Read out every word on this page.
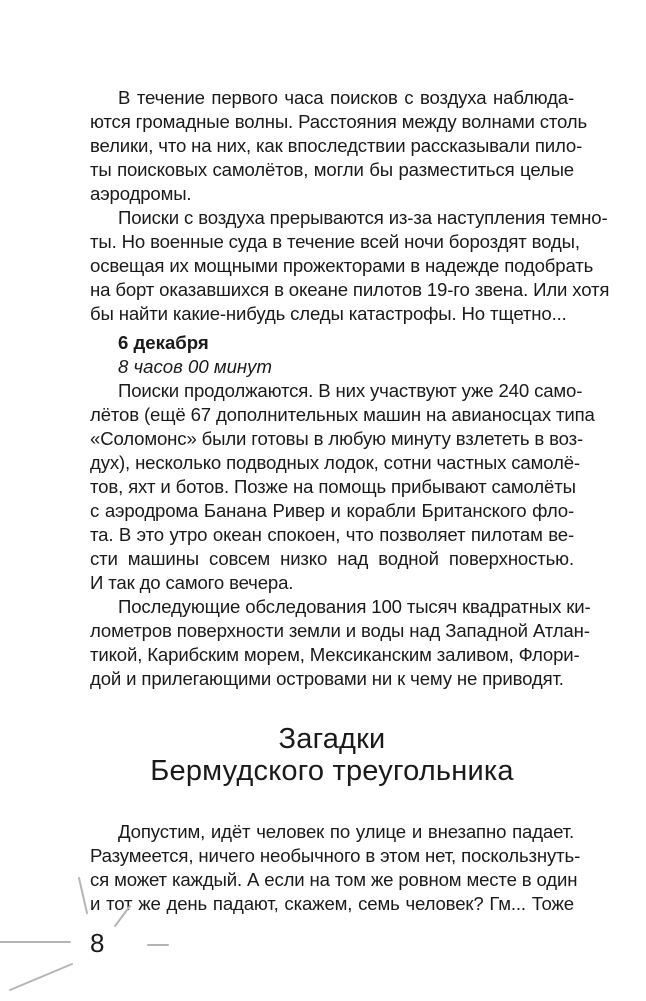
В течение первого часа поисков с воздуха наблюда-
ются громадные волны. Расстояния между волнами столь
велики, что на них, как впоследствии рассказывали пило-
ты поисковых самолётов, могли бы разместиться целые
аэродромы.
Поиски с воздуха прерываются из-за наступления темно-
ты. Но военные суда в течение всей ночи бороздят воды,
освещая их мощными прожекторами в надежде подобрать
на борт оказавшихся в океане пилотов 19-го звена. Или хотя
бы найти какие-нибудь следы катастрофы. Но тщетно...
6 декабря
8 часов 00 минут
Поиски продолжаются. В них участвуют уже 240 само-
лётов (ещё 67 дополнительных машин на авианосцах типа
«Соломонс» были готовы в любую минуту взлететь в воз-
дух), несколько подводных лодок, сотни частных самолё-
тов, яхт и ботов. Позже на помощь прибывают самолёты
с аэродрома Банана Ривер и корабли Британского фло-
та. В это утро океан спокоен, что позволяет пилотам ве-
сти машины совсем низко над водной поверхностью.
И так до самого вечера.
Последующие обследования 100 тысяч квадратных ки-
лометров поверхности земли и воды над Западной Атлан-
тикой, Карибским морем, Мексиканским заливом, Флори-
дой и прилегающими островами ни к чему не приводят.
Загадки
Бермудского треугольника
Допустим, идёт человек по улице и внезапно падает.
Разумеется, ничего необычного в этом нет, поскользнуть-
ся может каждый. А если на том же ровном месте в один
и тот же день падают, скажем, семь человек? Гм... Тоже
8
